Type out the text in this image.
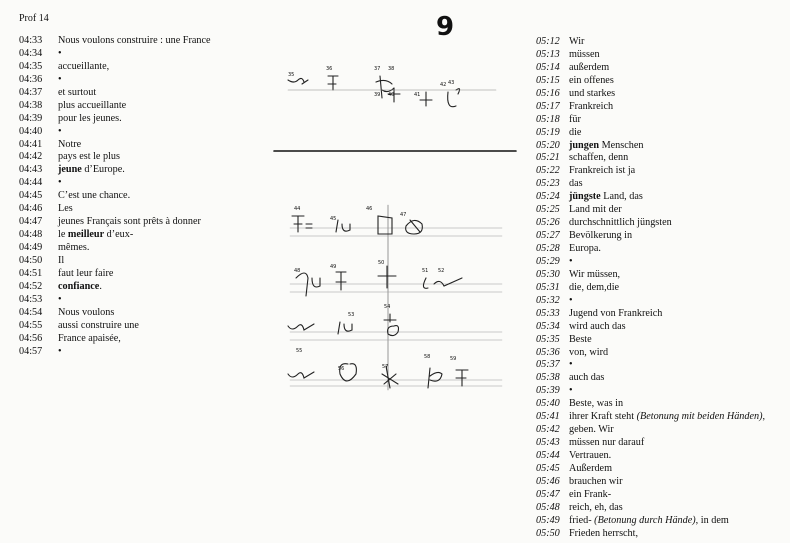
Prof 14	9
04:33	Nous voulons construire : une France
04:34	•
04:35	accueillante,
04:36	•
04:37	et surtout
04:38	plus accueillante
04:39	pour les jeunes.
04:40	•
04:41	Notre
04:42	pays est le plus
04:43	jeune d’Europe.
04:44	•
04:45	C’est une chance.
04:46	Les
04:47	jeunes Français sont prêts à donner
04:48	le meilleur d’eux-
04:49	mêmes.
04:50	Il
04:51	faut leur faire
04:52	confiance.
04:53	•
04:54	Nous voulons
04:55	aussi construire une
04:56	France apaisée,
04:57	•
05:12 Wir
05:13 müssen
05:14 außerdem
05:15 ein offenes
05:16 und starkes
05:17 Frankreich
05:18 für
05:19 die
05:20 jungen Menschen
05:21 schaffen, denn
05:22 Frankreich ist ja
05:23 das
05:24 jüngste Land, das
05:25 Land mit der
05:26 durchschnittlich jüngsten
05:27 Bevölkerung in
05:28 Europa.
05:29 •
05:30 Wir müssen,
05:31 die, dem,die
05:32 •
05:33 Jugend von Frankreich
05:34 wird auch das
05:35 Beste
05:36 von, wird
05:37 •
05:38 auch das
05:39 •
05:40 Beste, was in
05:41 ihrer Kraft steht (Betonung mit beiden Händen),
05:42 geben. Wir
05:43 müssen nur darauf
05:44 Vertrauen.
05:45 Außerdem
05:46 brauchen wir
05:47 ein Frank-
05:48 reich, eh, das
05:49 fried- (Betonung durch Hände), in dem
05:50 Frieden herrscht,
35
36	37 38
39 40	41
42 43
44
45
46
47
48
49
50
51 52
53
54
55
56	57
58	59
